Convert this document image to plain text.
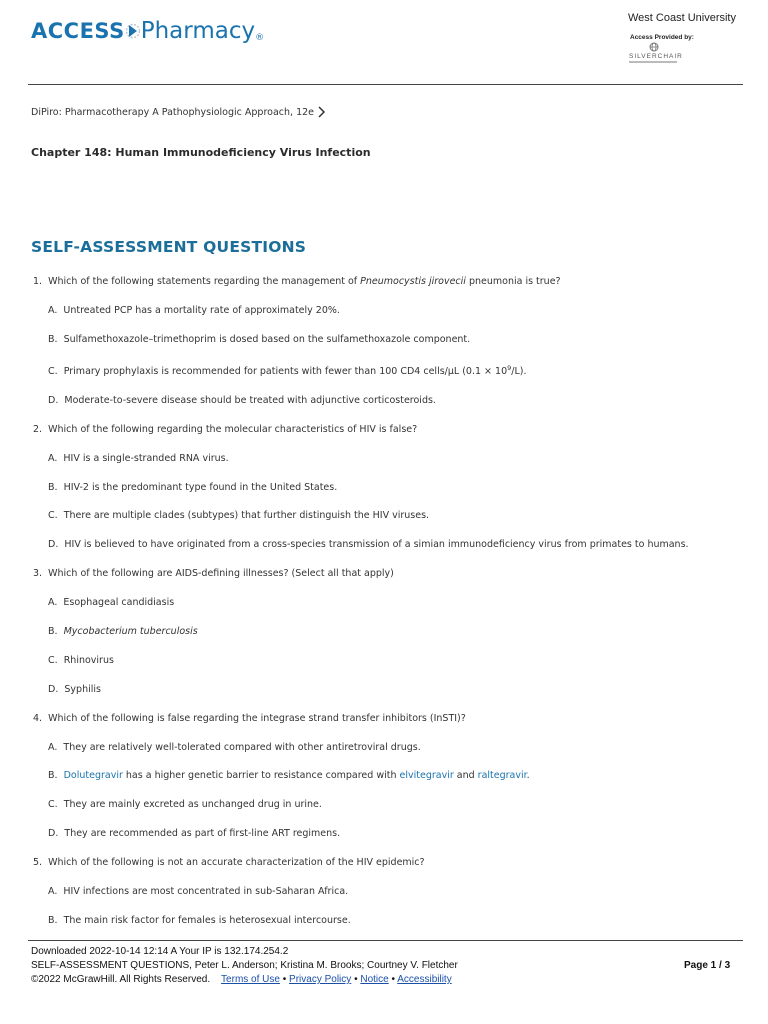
ACCESS Pharmacy ®
West Coast University
Access Provided by:
SILVERCHAIR
DiPiro: Pharmacotherapy A Pathophysiologic Approach, 12e
Chapter 148: Human Immunodeficiency Virus Infection
SELF-ASSESSMENT QUESTIONS
1. Which of the following statements regarding the management of Pneumocystis jirovecii pneumonia is true?
A. Untreated PCP has a mortality rate of approximately 20%.
B. Sulfamethoxazole–trimethoprim is dosed based on the sulfamethoxazole component.
C. Primary prophylaxis is recommended for patients with fewer than 100 CD4 cells/μL $(0.1 \times 10^9/L)$.
D. Moderate-to-severe disease should be treated with adjunctive corticosteroids.
2. Which of the following regarding the molecular characteristics of HIV is false?
A. HIV is a single-stranded RNA virus.
B. HIV-2 is the predominant type found in the United States.
C. There are multiple clades (subtypes) that further distinguish the HIV viruses.
D. HIV is believed to have originated from a cross-species transmission of a simian immunodeficiency virus from primates to humans.
3. Which of the following are AIDS-defining illnesses? (Select all that apply)
A. Esophageal candidiasis
B. Mycobacterium tuberculosis
C. Rhinovirus
D. Syphilis
4. Which of the following is false regarding the integrase strand transfer inhibitors (InSTI)?
A. They are relatively well-tolerated compared with other antiretroviral drugs.
B. Dolutegravir has a higher genetic barrier to resistance compared with elvitegravir and raltegravir.
C. They are mainly excreted as unchanged drug in urine.
D. They are recommended as part of first-line ART regimens.
5. Which of the following is not an accurate characterization of the HIV epidemic?
A. HIV infections are most concentrated in sub-Saharan Africa.
B. The main risk factor for females is heterosexual intercourse.
Downloaded 2022-10-14 12:14 A Your IP is 132.174.254.2
SELF-ASSESSMENT QUESTIONS, Peter L. Anderson; Kristina M. Brooks; Courtney V. Fletcher
©2022 McGrawHill. All Rights Reserved. Terms of Use • Privacy Policy • Notice • Accessibility
Page 1 / 3
